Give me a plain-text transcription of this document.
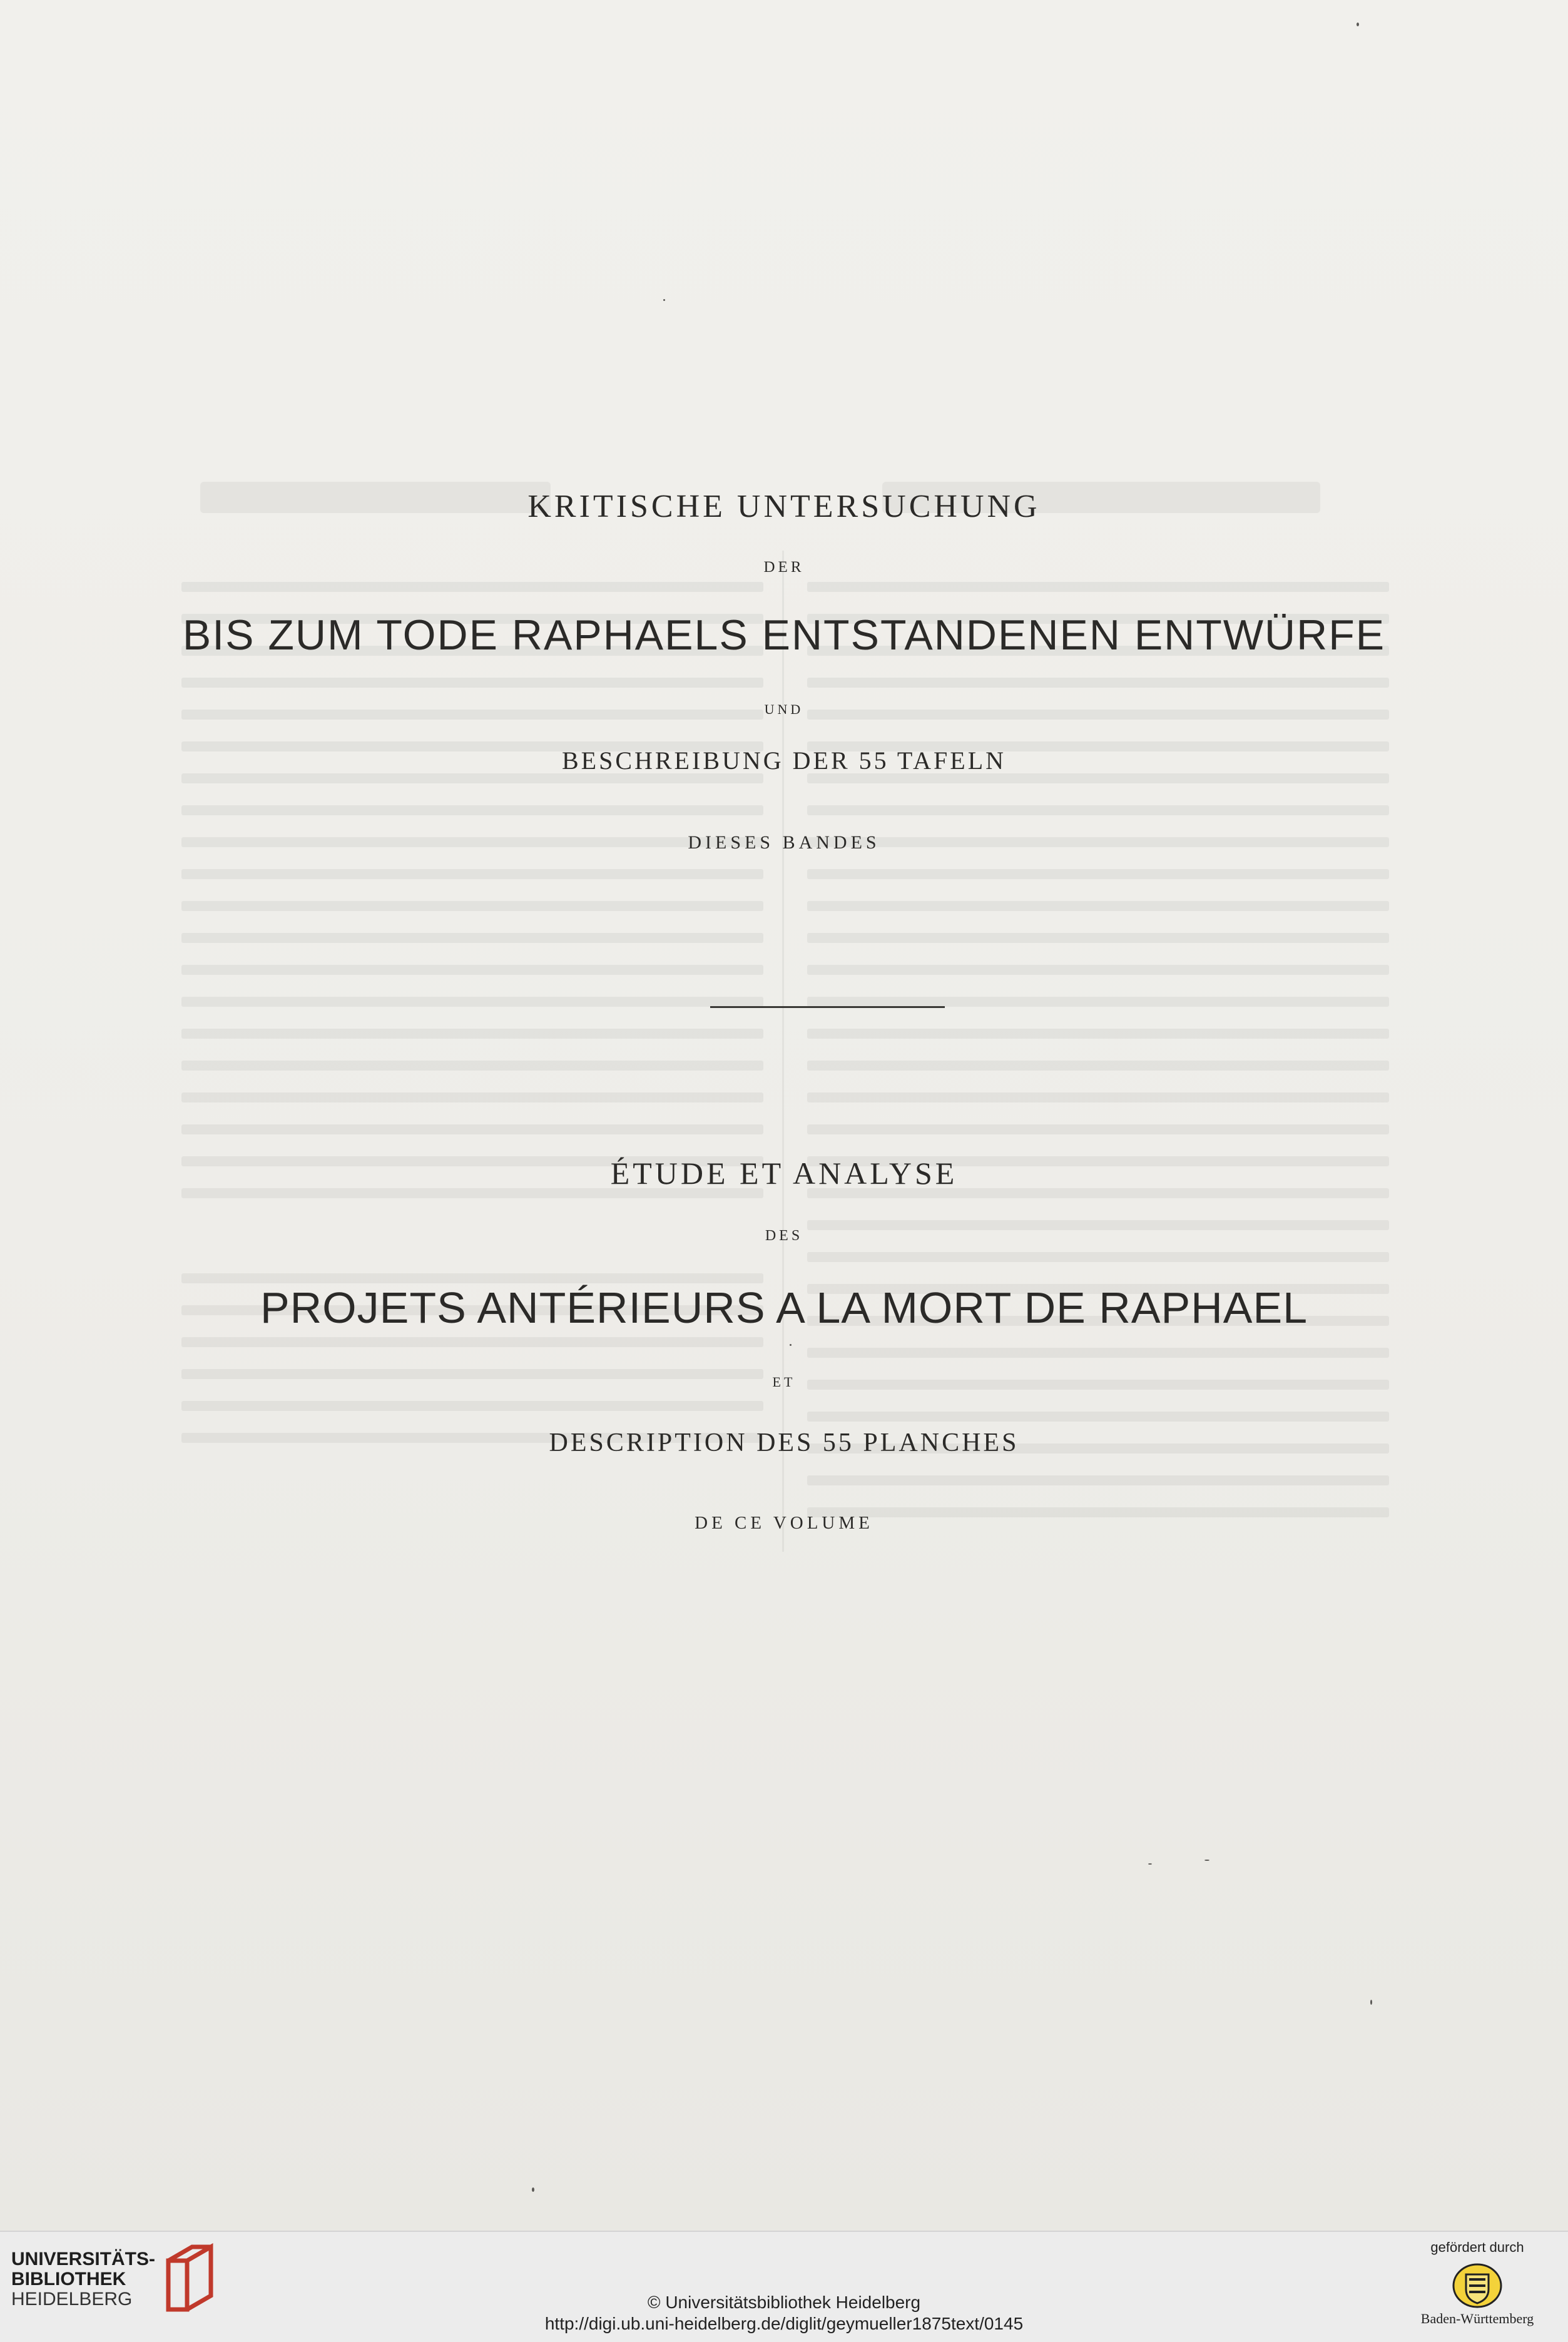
KRITISCHE UNTERSUCHUNG
DER
BIS ZUM TODE RAPHAELS ENTSTANDENEN ENTWÜRFE
UND
BESCHREIBUNG DER 55 TAFELN
DIESES BANDES
ÉTUDE ET ANALYSE
DES
PROJETS ANTÉRIEURS A LA MORT DE RAPHAEL
ET
DESCRIPTION DES 55 PLANCHES
DE CE VOLUME
UNIVERSITÄTS-
BIBLIOTHEK
HEIDELBERG	© Universitätsbibliothek Heidelberg
http://digi.ub.uni-heidelberg.de/diglit/geymueller1875text/0145
gefördert durch
Baden-Württemberg
